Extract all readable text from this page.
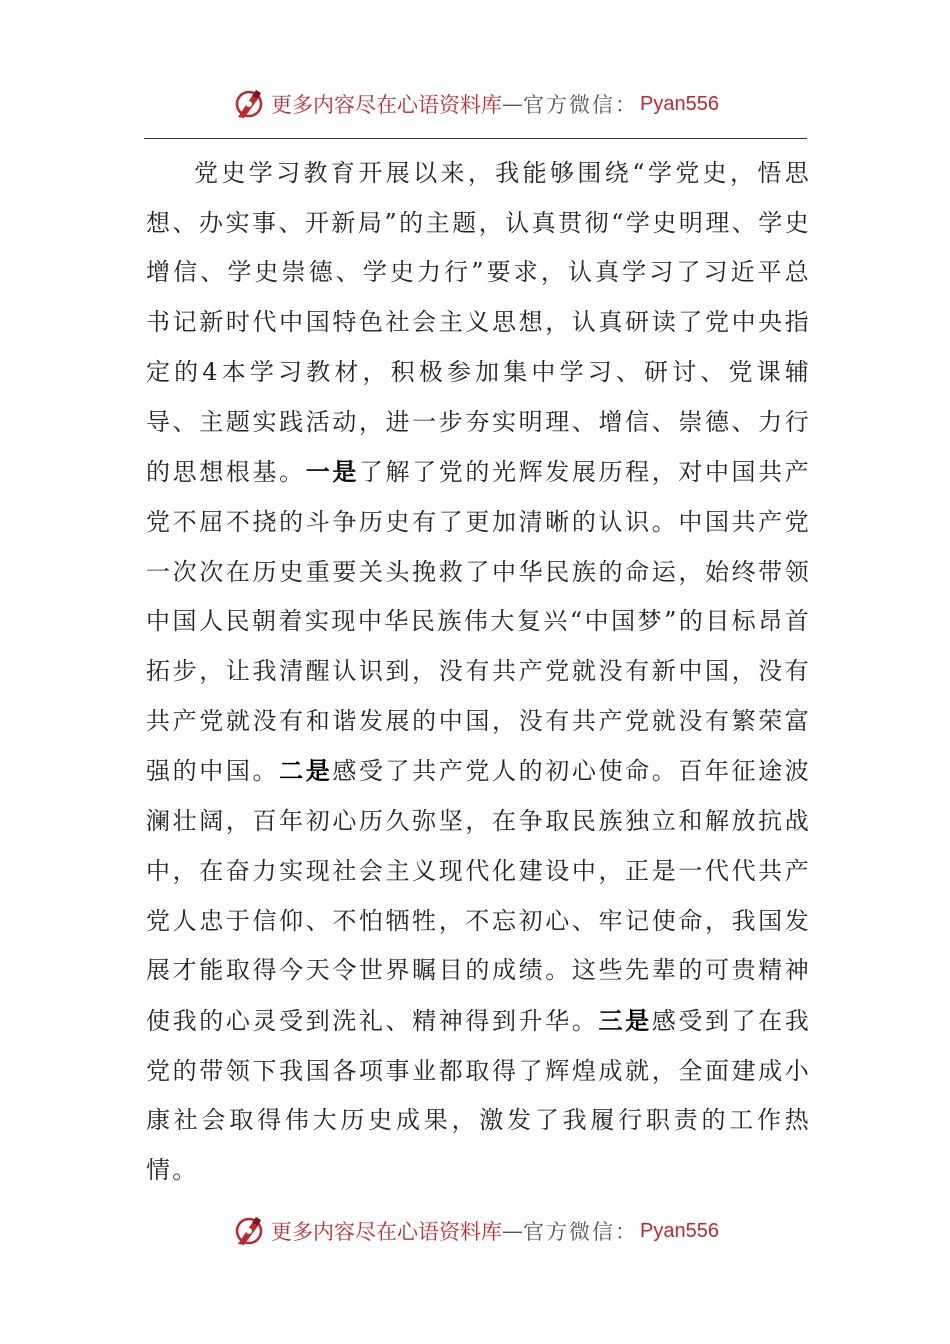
更多内容尽在心语资料库 — 官方微信： Pyan556

党史学习教育开展以来，我能够围绕“学党史，悟思想、办实事、开新局”的主题，认真贯彻“学史明理、学史增信、学史崇德、学史力行”要求，认真学习了习近平总书记新时代中国特色社会主义思想，认真研读了党中央指定的4本学习教材，积极参加集中学习、研讨、党课辅导、主题实践活动，进一步夯实明理、增信、崇德、力行的思想根基。一是了解了党的光辉发展历程，对中国共产党不屈不挠的斗争历史有了更加清晰的认识。中国共产党一次次在历史重要关头挽救了中华民族的命运，始终带领中国人民朝着实现中华民族伟大复兴“中国梦”的目标昂首拓步，让我清醒认识到，没有共产党就没有新中国，没有共产党就没有和谐发展的中国，没有共产党就没有繁荣富强的中国。二是感受了共产党人的初心使命。百年征途波澜壮阔，百年初心历久弥坚，在争取民族独立和解放抗战中，在奋力实现社会主义现代化建设中，正是一代代共产党人忠于信仰、不怕牺牲，不忘初心、牢记使命，我国发展才能取得今天令世界瞩目的成绩。这些先辈的可贵精神使我的心灵受到洗礼、精神得到升华。三是感受到了在我党的带领下我国各项事业都取得了辉煌成就，全面建成小康社会取得伟大历史成果，激发了我履行职责的工作热情。

更多内容尽在心语资料库 — 官方微信： Pyan556
